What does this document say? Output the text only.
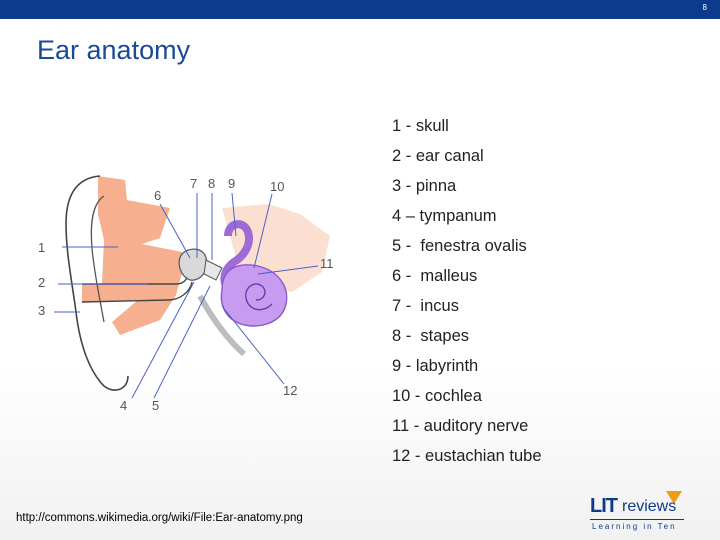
8
Ear anatomy
1
2
3
4 5
6
7 8 9	10
11
12
1 - skull
2 - ear canal
3 - pinna
4 – tympanum
5 -  fenestra ovalis
6 -  malleus
7 -  incus
8 -  stapes
9 - labyrinth
10 - cochlea
11 - auditory nerve
12 - eustachian tube
http://commons.wikimedia.org/wiki/File:Ear-anatomy.png
LIT reviews
Learning in Ten
